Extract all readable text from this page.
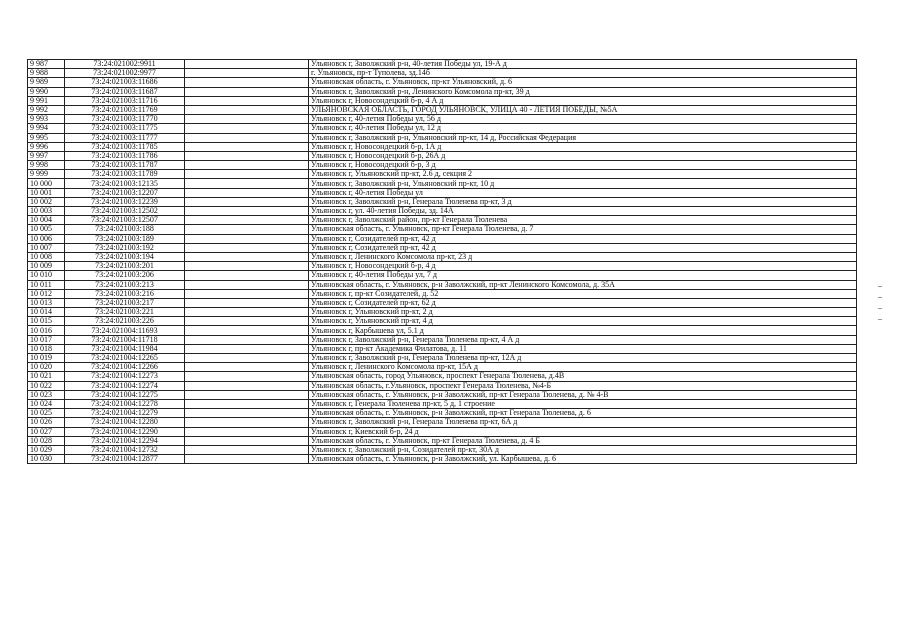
9 987	73:24:021002:9911		Ульяновск г, Заволжский р-н, 40-летия Победы ул, 19-А д
9 988	73:24:021002:9977		г. Ульяновск, пр-т Туполева, зд.14б
9 989	73:24:021003:11686		Ульяновская область, г. Ульяновск, пр-кт Ульяновский, д. 6
9 990	73:24:021003:11687		Ульяновск г, Заволжский р-н, Ленинского Комсомола пр-кт, 39 д
9 991	73:24:021003:11716		Ульяновск г, Новосондецкий б-р, 4 А д
9 992	73:24:021003:11769		УЛЬЯНОВСКАЯ ОБЛАСТЬ, ГОРОД УЛЬЯНОВСК, УЛИЦА 40 - ЛЕТИЯ ПОБЕДЫ, №5А
9 993	73:24:021003:11770		Ульяновск г, 40-летия Победы ул, 56 д
9 994	73:24:021003:11775		Ульяновск г, 40-летия Победы ул, 12 д
9 995	73:24:021003:11777		Ульяновск г, Заволжский р-н, Ульяновский пр-кт, 14 д, Российская Федерация
9 996	73:24:021003:11785		Ульяновск г, Новосондецкий б-р, 1А д
9 997	73:24:021003:11786		Ульяновск г, Новосондецкий б-р, 26А д
9 998	73:24:021003:11787		Ульяновск г, Новосондецкий б-р, 3 д
9 999	73:24:021003:11789		Ульяновск г, Ульяновский пр-кт, 2.6 д, секция 2
10 000	73:24:021003:12135		Ульяновск г, Заволжский р-н, Ульяновский пр-кт, 10 д
10 001	73:24:021003:12207		Ульяновск г, 40-летия Победы ул
10 002	73:24:021003:12239		Ульяновск г, Заволжский р-н, Генерала Тюленева пр-кт, 3 д
10 003	73:24:021003:12502		Ульяновск г, ул. 40-летия Победы, зд. 14А
10 004	73:24:021003:12507		Ульяновск г, Заволжский район, пр-кт Генерала Тюленева
10 005	73:24:021003:188		Ульяновская область, г. Ульяновск, пр-кт Генерала Тюленева, д. 7
10 006	73:24:021003:189		Ульяновск г, Созидателей пр-кт, 42 д
10 007	73:24:021003:192		Ульяновск г, Созидателей пр-кт, 42 д
10 008	73:24:021003:194		Ульяновск г, Ленинского Комсомола пр-кт, 23 д
10 009	73:24:021003:201		Ульяновск г, Новосондецкий б-р, 4 д
10 010	73:24:021003:206		Ульяновск г, 40-летия Победы ул, 7 д
10 011	73:24:021003:213		Ульяновская область, г. Ульяновск, р-н Заволжский, пр-кт Ленинского Комсомола, д. 35А
10 012	73:24:021003:216		Ульяновск г, пр-кт Созидателей, д. 52
10 013	73:24:021003:217		Ульяновск г, Созидателей пр-кт, 62 д
10 014	73:24:021003:221		Ульяновск г, Ульяновский пр-кт, 2 д
10 015	73:24:021003:226		Ульяновск г, Ульяновский пр-кт, 4 д
10 016	73:24:021004:11693		Ульяновск г, Карбышева ул, 5.1 д
10 017	73:24:021004:11718		Ульяновск г, Заволжский р-н, Генерала Тюленева пр-кт, 4 А д
10 018	73:24:021004:11984		Ульяновск г, пр-кт Академика Филатова, д. 11
10 019	73:24:021004:12265		Ульяновск г, Заволжский р-н, Генерала Тюленева пр-кт, 12А д
10 020	73:24:021004:12266		Ульяновск г, Ленинского Комсомола пр-кт, 15А д
10 021	73:24:021004:12273		Ульяновская область, город Ульяновск, проспект Генерала Тюленева, д.4В
10 022	73:24:021004:12274		Ульяновская область, г.Ульяновск, проспект Генерала Тюленева, №4-Б
10 023	73:24:021004:12275		Ульяновская область, г. Ульяновск, р-н Заволжский, пр-кт Генерала Тюленева, д. № 4-В
10 024	73:24:021004:12278		Ульяновск г, Генерала Тюленева пр-кт, 5 д, 1 строение
10 025	73:24:021004:12279		Ульяновская область, г. Ульяновск, р-н Заволжский, пр-кт Генерала Тюленева, д. 6
10 026	73:24:021004:12280		Ульяновск г, Заволжский р-н, Генерала Тюленева пр-кт, 6А д
10 027	73:24:021004:12290		Ульяновск г, Киевский б-р, 24 д
10 028	73:24:021004:12294		Ульяновская область, г. Ульяновск, пр-кт Генерала Тюленева, д. 4 Б
10 029	73:24:021004:12732		Ульяновск г, Заволжский р-н, Созидателей пр-кт, 30А д
10 030	73:24:021004:12877		Ульяновская область, г. Ульяновск, р-н Заволжский, ул. Карбышева, д. 6
